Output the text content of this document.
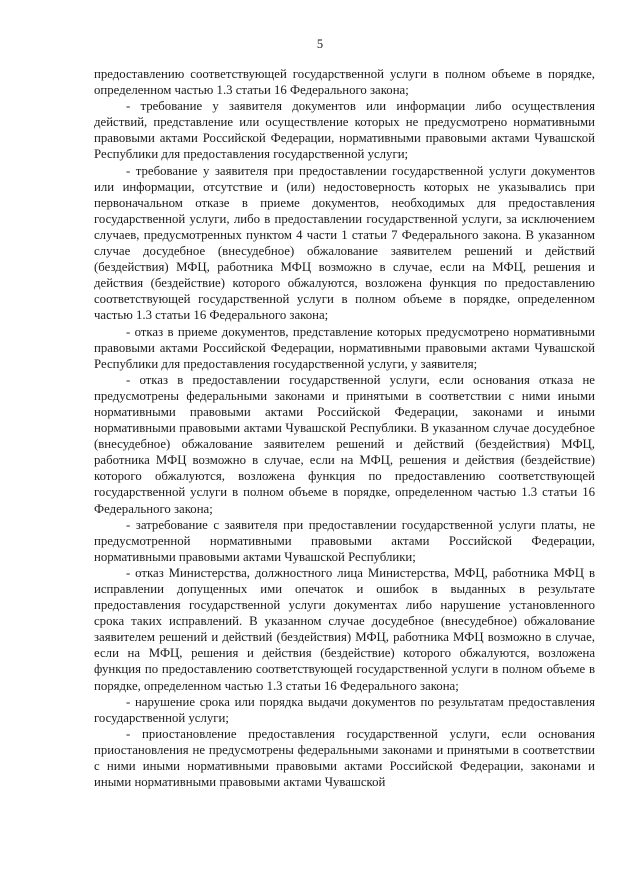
5

предоставлению соответствующей государственной услуги в полном объеме в порядке, определенном частью 1.3 статьи 16 Федерального закона;

- требование у заявителя документов или информации либо осуществления действий, представление или осуществление которых не предусмотрено нормативными правовыми актами Российской Федерации, нормативными правовыми актами Чувашской Республики для предоставления государственной услуги;

- требование у заявителя при предоставлении государственной услуги документов или информации, отсутствие и (или) недостоверность которых не указывались при первоначальном отказе в приеме документов, необходимых для предоставления государственной услуги, либо в предоставлении государственной услуги, за исключением случаев, предусмотренных пунктом 4 части 1 статьи 7 Федерального закона. В указанном случае досудебное (внесудебное) обжалование заявителем решений и действий (бездействия) МФЦ, работника МФЦ возможно в случае, если на МФЦ, решения и действия (бездействие) которого обжалуются, возложена функция по предоставлению соответствующей государственной услуги в полном объеме в порядке, определенном частью 1.3 статьи 16 Федерального закона;

- отказ в приеме документов, представление которых предусмотрено нормативными правовыми актами Российской Федерации, нормативными правовыми актами Чувашской Республики для предоставления государственной услуги, у заявителя;

- отказ в предоставлении государственной услуги, если основания отказа не предусмотрены федеральными законами и принятыми в соответствии с ними иными нормативными правовыми актами Российской Федерации, законами и иными нормативными правовыми актами Чувашской Республики. В указанном случае досудебное (внесудебное) обжалование заявителем решений и действий (бездействия) МФЦ, работника МФЦ возможно в случае, если на МФЦ, решения и действия (бездействие) которого обжалуются, возложена функция по предоставлению соответствующей государственной услуги в полном объеме в порядке, определенном частью 1.3 статьи 16 Федерального закона;

- затребование с заявителя при предоставлении государственной услуги платы, не предусмотренной нормативными правовыми актами Российской Федерации, нормативными правовыми актами Чувашской Республики;

- отказ Министерства, должностного лица Министерства, МФЦ, работника МФЦ в исправлении допущенных ими опечаток и ошибок в выданных в результате предоставления государственной услуги документах либо нарушение установленного срока таких исправлений. В указанном случае досудебное (внесудебное) обжалование заявителем решений и действий (бездействия) МФЦ, работника МФЦ возможно в случае, если на МФЦ, решения и действия (бездействие) которого обжалуются, возложена функция по предоставлению соответствующей государственной услуги в полном объеме в порядке, определенном частью 1.3 статьи 16 Федерального закона;

- нарушение срока или порядка выдачи документов по результатам предоставления государственной услуги;

- приостановление предоставления государственной услуги, если основания приостановления не предусмотрены федеральными законами и принятыми в соответствии с ними иными нормативными правовыми актами Российской Федерации, законами и иными нормативными правовыми актами Чувашской
